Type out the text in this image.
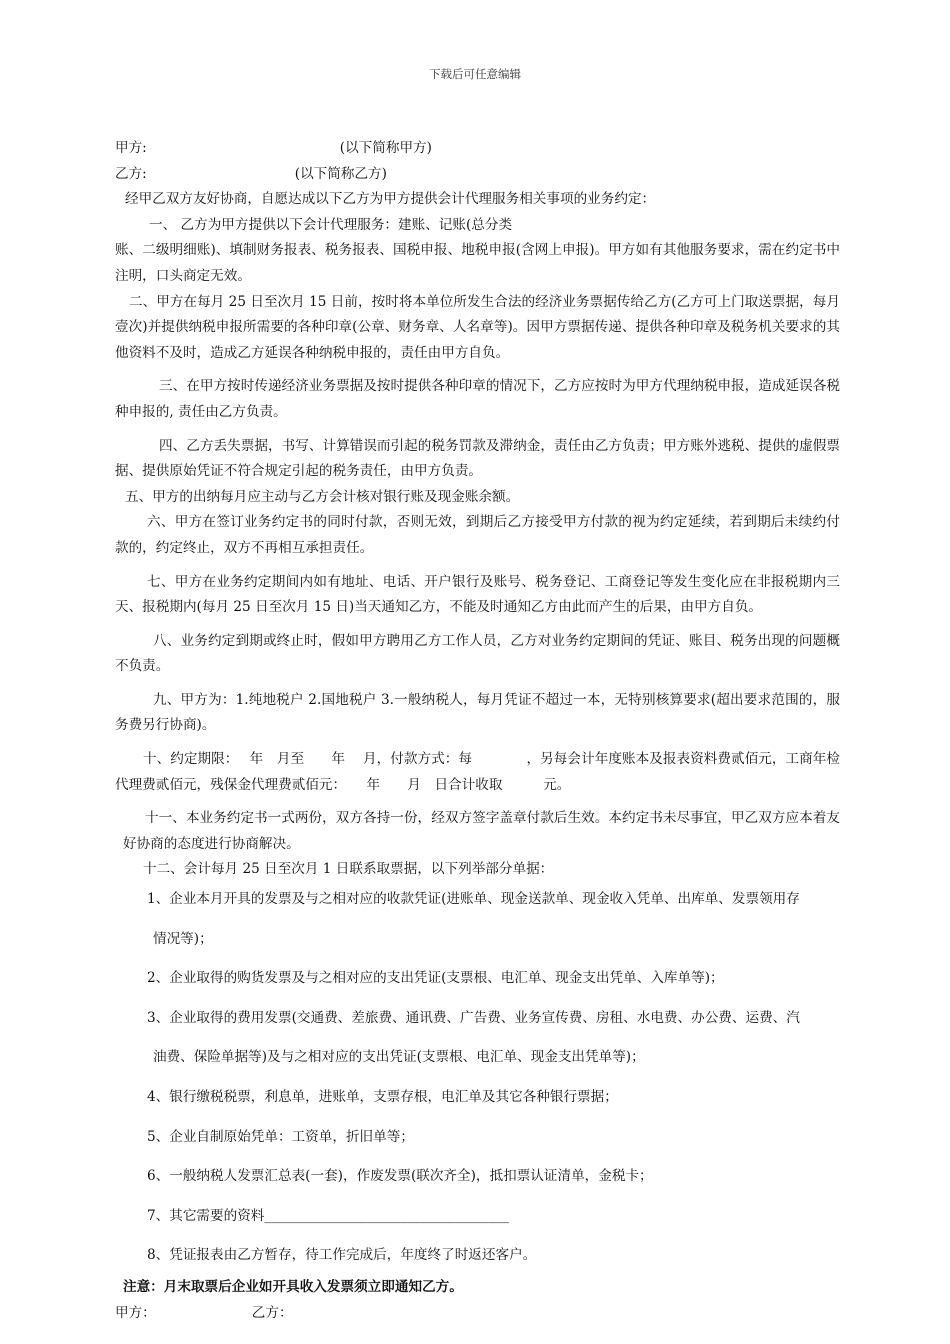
下载后可任意编辑

甲方:	(以下简称甲方)

乙方:	(以下简称乙方)

经甲乙双方友好协商，自愿达成以下乙方为甲方提供会计代理服务相关事项的业务约定：

一、 乙方为甲方提供以下会计代理服务：建账、记账(总分类

账、二级明细账)、填制财务报表、税务报表、国税申报、地税申报(含网上申报)。甲方如有其他服务要求，需在约定书中注明，口头商定无效。

二、甲方在每月 25 日至次月 15 日前，按时将本单位所发生合法的经济业务票据传给乙方(乙方可上门取送票据，每月壹次)并提供纳税申报所需要的各种印章(公章、财务章、人名章等)。因甲方票据传递、提供各种印章及税务机关要求的其他资料不及时，造成乙方延误各种纳税申报的，责任由甲方自负。

三、在甲方按时传递经济业务票据及按时提供各种印章的情况下，乙方应按时为甲方代理纳税申报，造成延误各税种申报的, 责任由乙方负责。

四、乙方丢失票据，书写、计算错误而引起的税务罚款及滞纳金，责任由乙方负责；甲方账外逃税、提供的虚假票据、提供原始凭证不符合规定引起的税务责任，由甲方负责。

五、甲方的出纳每月应主动与乙方会计核对银行账及现金账余额。

六、甲方在签订业务约定书的同时付款，否则无效，到期后乙方接受甲方付款的视为约定延续，若到期后未续约付款的，约定终止，双方不再相互承担责任。

七、甲方在业务约定期间内如有地址、电话、开户银行及账号、税务登记、工商登记等发生变化应在非报税期内三天、报税期内(每月 25 日至次月 15 日)当天通知乙方，不能及时通知乙方由此而产生的后果，由甲方自负。

八、业务约定到期或终止时，假如甲方聘用乙方工作人员，乙方对业务约定期间的凭证、账目、税务出现的问题概不负责。

九、甲方为：1.纯地税户 2.国地税户 3.一般纳税人，每月凭证不超过一本，无特别核算要求(超出要求范围的，服务费另行协商)。

十、约定期限：　 年　月至　　年　 月，付款方式：每　　　　，另每会计年度账本及报表资料费贰佰元，工商年检代理费贰佰元，残保金代理费贰佰元：　　年　　月　日合计收取　　　元。

十一、本业务约定书一式两份，双方各持一份，经双方签字盖章付款后生效。本约定书未尽事宜，甲乙双方应本着友好协商的态度进行协商解决。

十二、会计每月 25 日至次月 1 日联系取票据，以下列举部分单据：

1、企业本月开具的发票及与之相对应的收款凭证(进账单、现金送款单、现金收入凭单、出库单、发票领用存

情况等)；

2、企业取得的购货发票及与之相对应的支出凭证(支票根、电汇单、现金支出凭单、入库单等)；

3、企业取得的费用发票(交通费、差旅费、通讯费、广告费、业务宣传费、房租、水电费、办公费、运费、汽

油费、保险单据等)及与之相对应的支出凭证(支票根、电汇单、现金支出凭单等)；

4、银行缴税税票，利息单，进账单，支票存根，电汇单及其它各种银行票据；

5、企业自制原始凭单：工资单，折旧单等；

6、一般纳税人发票汇总表(一套)，作废发票(联次齐全)，抵扣票认证清单，金税卡；

7、其它需要的资料____________________________________

8、凭证报表由乙方暂存，待工作完成后，年度终了时返还客户。

注意：月末取票后企业如开具收入发票须立即通知乙方。

甲方：	乙方：
